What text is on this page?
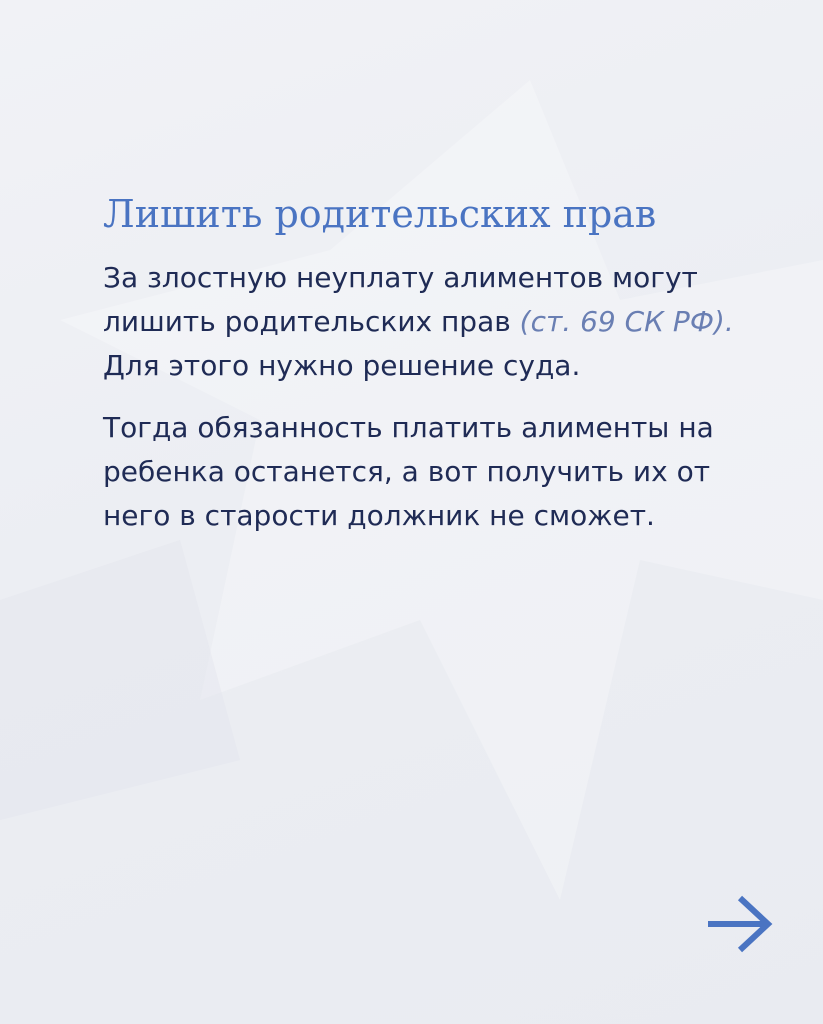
Лишить родительских прав

За злостную неуплату алиментов могут лишить родительских прав (ст. 69 СК РФ). Для этого нужно решение суда.

Тогда обязанность платить алименты на ребенка останется, а вот получить их от него в старости должник не сможет.
